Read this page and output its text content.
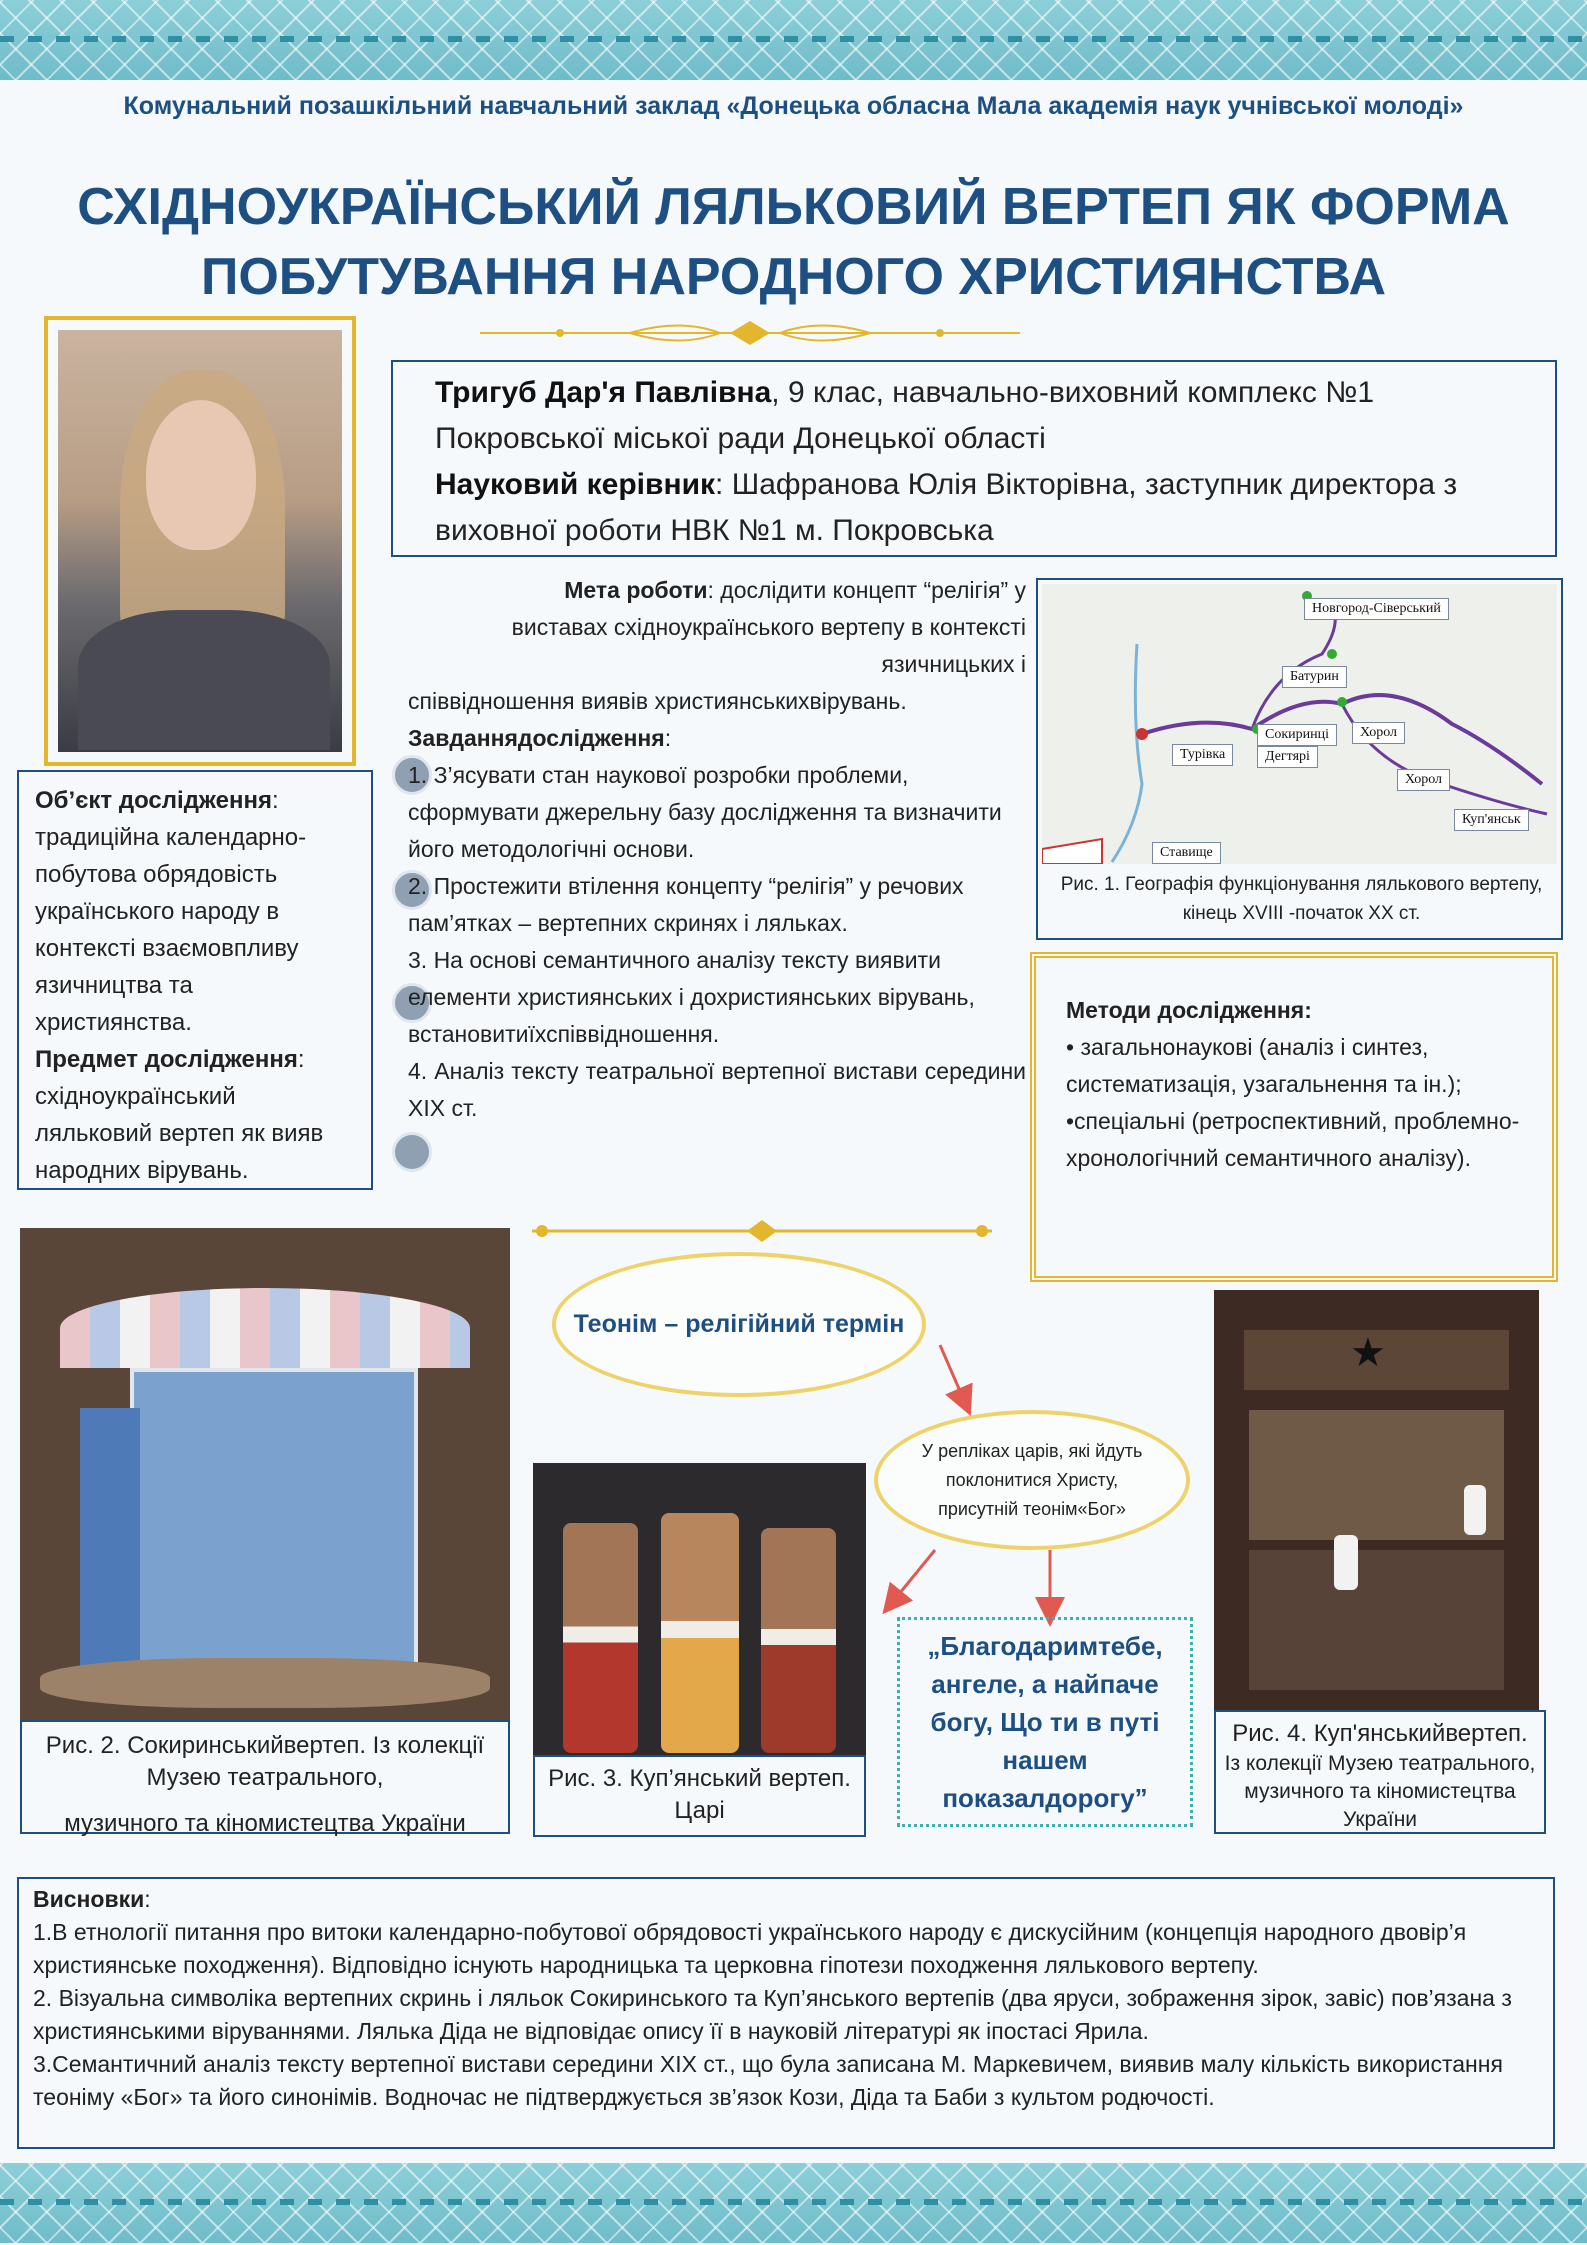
Комунальний позашкільний навчальний заклад «Донецька обласна Мала академія наук учнівської молоді»
СХІДНОУКРАЇНСЬКИЙ ЛЯЛЬКОВИЙ ВЕРТЕП ЯК ФОРМА ПОБУТУВАННЯ НАРОДНОГО ХРИСТИЯНСТВА
Тригуб Дар'я Павлівна, 9 клас, навчально-виховний комплекс №1 Покровської міської ради Донецької області
Науковий керівник: Шафранова Юлія Вікторівна, заступник директора з виховної роботи НВК №1 м. Покровська
Об’єкт дослідження: традиційна календарно-побутова обрядовість українського народу в контексті взаємовпливу язичництва та християнства.
Предмет дослідження: східноукраїнський ляльковий вертеп як вияв народних вірувань.
Мета роботи: дослідити концепт “релігія” у
виставах східноукраїнського вертепу в контексті
язичницьких і
співвідношення виявів християнськихвірувань.
Завданнядослідження:
1. З’ясувати стан наукової розробки проблеми, сформувати джерельну базу дослідження та визначити його методологічні основи.
2. Простежити втілення концепту “релігія” у речових пам’ятках – вертепних скринях і ляльках.
3. На основі семантичного аналізу тексту виявити елементи християнських і дохристиянських вірувань, встановитиїхспіввідношення.
4. Аналіз тексту театральної вертепної вистави середини XIX ст.
Новгород-Сiверський
Батурин
Сокиринцi
Дегтярi
Хорол
Турiвка
Хорол
Куп'янськ
Ставище
Рис. 1. Географія функціонування лялькового вертепу, кінець XVIII -початок XX ст.
Методи дослідження:
• загальнонаукові (аналіз і синтез, систематизація, узагальнення та ін.);
•спеціальні (ретроспективний, проблемно-хронологічний семантичного аналізу).
Рис. 2. Сокиринськийвертеп. Із колекції Музею театрального,
музичного та кіномистецтва України
Рис. 3. Куп’янський вертеп. Царі
Теонім – релігійний термін
У репліках царів, які йдуть поклонитися Христу, присутній теонім«Бог»
„Благодаримтебе, ангеле, а найпаче богу, Що ти в путі нашем показалдорогу”
★
Рис. 4. Куп'янськийвертеп.
Із колекції Музею театрального, музичного та кіномистецтва України
Висновки:
1.В етнології питання про витоки календарно-побутової обрядовості українського народу є дискусійним (концепція народного двовір’я християнське походження). Відповідно існують народницька та церковна гіпотези походження лялькового вертепу.
2. Візуальна символіка вертепних скринь і ляльок Сокиринського та Куп’янського вертепів (два яруси, зображення зірок, завіс) пов’язана з християнськими віруваннями. Лялька Діда не відповідає опису її в науковій літературі як іпостасі Ярила.
3.Семантичний аналіз тексту вертепної вистави середини XIX ст., що була записана М. Маркевичем, виявив малу кількість використання теоніму «Бог» та його синонімів. Водночас не підтверджується зв’язок Кози, Діда та Баби з культом родючості.
